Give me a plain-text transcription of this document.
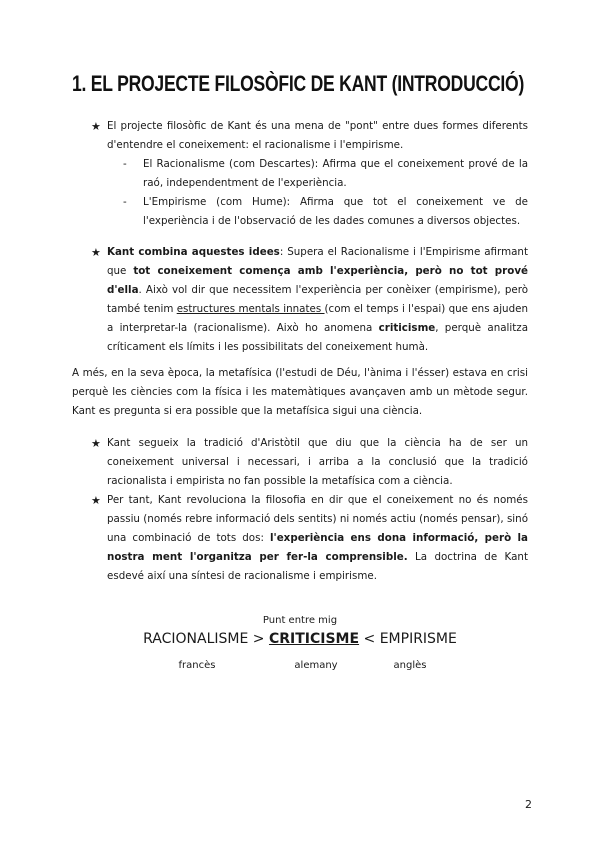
1. EL PROJECTE FILOSÒFIC DE KANT (INTRODUCCIÓ)
★ El projecte filosòfic de Kant és una mena de "pont" entre dues formes diferents d'entendre el coneixement: el racionalisme i l'empirisme.
- El Racionalisme (com Descartes): Afirma que el coneixement prové de la raó, independentment de l'experiència.
- L'Empirisme (com Hume): Afirma que tot el coneixement ve de l'experiència i de l'observació de les dades comunes a diversos objectes.
★ Kant combina aquestes idees: Supera el Racionalisme i l'Empirisme afirmant que tot coneixement comença amb l'experiència, però no tot prové d'ella. Això vol dir que necessitem l'experiència per conèixer (empirisme), però també tenim estructures mentals innates (com el temps i l'espai) que ens ajuden a interpretar-la (racionalisme). Això ho anomena criticisme, perquè analitza críticament els límits i les possibilitats del coneixement humà.
A més, en la seva època, la metafísica (l'estudi de Déu, l'ànima i l'ésser) estava en crisi perquè les ciències com la física i les matemàtiques avançaven amb un mètode segur. Kant es pregunta si era possible que la metafísica sigui una ciència.
★ Kant segueix la tradició d'Aristòtil que diu que la ciència ha de ser un coneixement universal i necessari, i arriba a la conclusió que la tradició racionalista i empirista no fan possible la metafísica com a ciència.
★ Per tant, Kant revoluciona la filosofia en dir que el coneixement no és només passiu (només rebre informació dels sentits) ni només actiu (només pensar), sinó una combinació de tots dos: l'experiència ens dona informació, però la nostra ment l'organitza per fer-la comprensible. La doctrina de Kant esdevé així una síntesi de racionalisme i empirisme.
Punt entre mig
RACIONALISME > CRITICISME < EMPIRISME
francès	alemany	anglès
2
